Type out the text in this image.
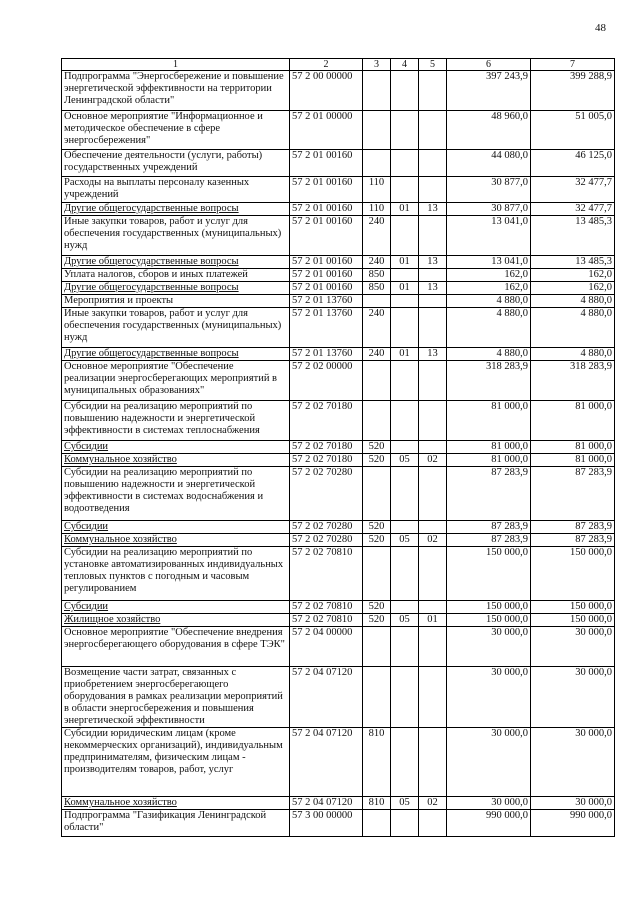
48
1	2	3	4	5	6	7
Подпрограмма "Энергосбережение и повышение энергетической эффективности на территории Ленинградской области"	57 2 00 00000				397 243,9	399 288,9
Основное мероприятие "Информационное и методическое обеспечение в сфере энергосбережения"	57 2 01 00000				48 960,0	51 005,0
Обеспечение деятельности (услуги, работы) государственных учреждений	57 2 01 00160				44 080,0	46 125,0
Расходы на выплаты персоналу казенных учреждений	57 2 01 00160	110			30 877,0	32 477,7
Другие общегосударственные вопросы	57 2 01 00160	110	01	13	30 877,0	32 477,7
Иные закупки товаров, работ и услуг для обеспечения государственных (муниципальных) нужд	57 2 01 00160	240			13 041,0	13 485,3
Другие общегосударственные вопросы	57 2 01 00160	240	01	13	13 041,0	13 485,3
Уплата налогов, сборов и иных платежей	57 2 01 00160	850			162,0	162,0
Другие общегосударственные вопросы	57 2 01 00160	850	01	13	162,0	162,0
Мероприятия и проекты	57 2 01 13760				4 880,0	4 880,0
Иные закупки товаров, работ и услуг для обеспечения государственных (муниципальных) нужд	57 2 01 13760	240			4 880,0	4 880,0
Другие общегосударственные вопросы	57 2 01 13760	240	01	13	4 880,0	4 880,0
Основное мероприятие "Обеспечение реализации энергосберегающих мероприятий в муниципальных образованиях"	57 2 02 00000				318 283,9	318 283,9
Субсидии на реализацию мероприятий по повышению надежности и энергетической эффективности в системах теплоснабжения	57 2 02 70180				81 000,0	81 000,0
Субсидии	57 2 02 70180	520			81 000,0	81 000,0
Коммунальное хозяйство	57 2 02 70180	520	05	02	81 000,0	81 000,0
Субсидии на реализацию мероприятий по повышению надежности и энергетической эффективности в системах водоснабжения и водоотведения	57 2 02 70280				87 283,9	87 283,9
Субсидии	57 2 02 70280	520			87 283,9	87 283,9
Коммунальное хозяйство	57 2 02 70280	520	05	02	87 283,9	87 283,9
Субсидии на реализацию мероприятий по установке автоматизированных индивидуальных тепловых пунктов с погодным и часовым регулированием	57 2 02 70810				150 000,0	150 000,0
Субсидии	57 2 02 70810	520			150 000,0	150 000,0
Жилищное хозяйство	57 2 02 70810	520	05	01	150 000,0	150 000,0
Основное мероприятие "Обеспечение внедрения энергосберегающего оборудования в сфере ТЭК"	57 2 04 00000				30 000,0	30 000,0
Возмещение части затрат, связанных с приобретением энергосберегающего оборудования в рамках реализации мероприятий в области энергосбережения и повышения энергетической эффективности	57 2 04 07120				30 000,0	30 000,0
Субсидии юридическим лицам (кроме некоммерческих организаций), индивидуальным предпринимателям, физическим лицам - производителям товаров, работ, услуг	57 2 04 07120	810			30 000,0	30 000,0
Коммунальное хозяйство	57 2 04 07120	810	05	02	30 000,0	30 000,0
Подпрограмма "Газификация Ленинградской области"	57 3 00 00000				990 000,0	990 000,0
